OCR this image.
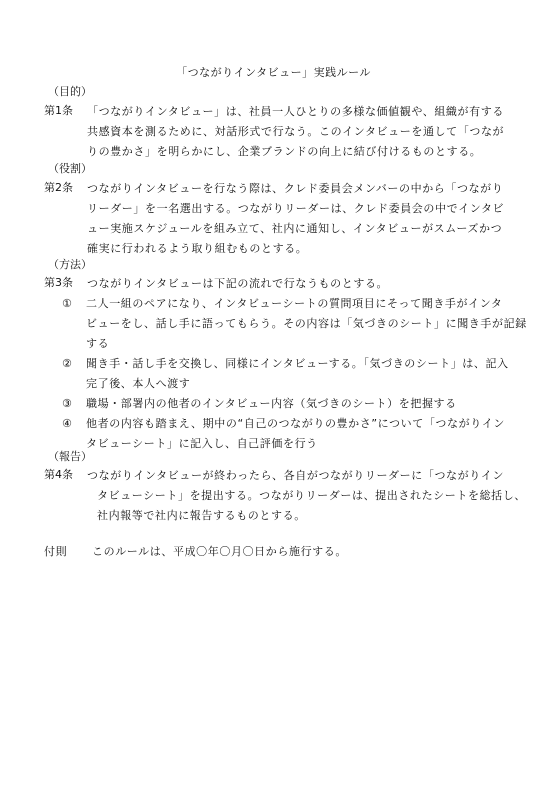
「つながりインタビュー」実践ルール
（目的）
第1条 「つながりインタビュー」は、社員一人ひとりの多様な価値観や、組織が有する
共感資本を測るために、対話形式で行なう。このインタビューを通して「つなが
りの豊かさ」を明らかにし、企業ブランドの向上に結び付けるものとする。
（役割）
第2条 つながりインタビューを行なう際は、クレド委員会メンバーの中から「つながり
リーダー」を一名選出する。つながりリーダーは、クレド委員会の中でインタビ
ュー実施スケジュールを組み立て、社内に通知し、インタビューがスムーズかつ
確実に行われるよう取り組むものとする。
（方法）
第3条 つながりインタビューは下記の流れで行なうものとする。
①	二人一組のペアになり、インタビューシートの質問項目にそって聞き手がインタ
ビューをし、話し手に語ってもらう。その内容は「気づきのシート」に聞き手が記録
する
②	聞き手・話し手を交換し、同様にインタビューする。「気づきのシート」は、記入
完了後、本人へ渡す
③	職場・部署内の他者のインタビュー内容（気づきのシート）を把握する
④	他者の内容も踏まえ、期中の“自己のつながりの豊かさ”について「つながりイン
タビューシート」に記入し、自己評価を行う
（報告）
第4条 つながりインタビューが終わったら、各自がつながりリーダーに「つながりイン
タビューシート」を提出する。つながりリーダーは、提出されたシートを総括し、
社内報等で社内に報告するものとする。
付則 このルールは、平成〇年〇月〇日から施行する。
